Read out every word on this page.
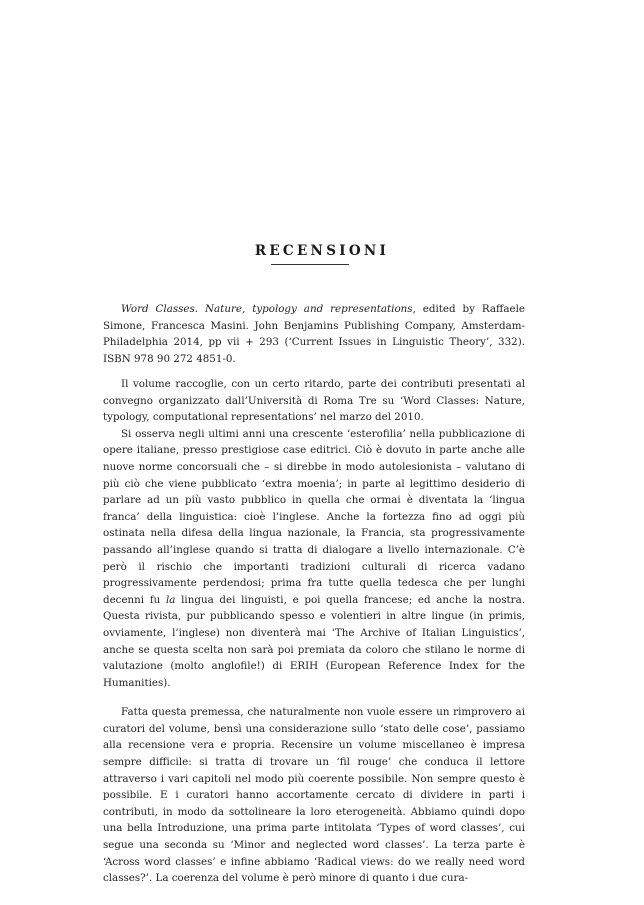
RECENSIONI

Word Classes. Nature, typology and representations, edited by Raffaele Simone, Francesca Masini. John Benjamins Publishing Company, Amsterdam-Philadelphia 2014, pp vii + 293 (‘Current Issues in Linguistic Theory’, 332). ISBN 978 90 272 4851-0.

Il volume raccoglie, con un certo ritardo, parte dei contributi presentati al convegno organizzato dall’Università di Roma Tre su ‘Word Classes: Nature, typology, computational representations’ nel marzo del 2010.

Si osserva negli ultimi anni una crescente ‘esterofilia’ nella pubblicazione di opere italiane, presso prestigiose case editrici. Ciò è dovuto in parte anche alle nuove norme concorsuali che – si direbbe in modo autolesionista – valutano di più ciò che viene pubblicato ‘extra moenia’; in parte al legittimo desiderio di parlare ad un più vasto pubblico in quella che ormai è diventata la ‘lingua franca’ della linguistica: cioè l’inglese. Anche la fortezza fino ad oggi più ostinata nella difesa della lingua nazionale, la Francia, sta progressivamente passando all’inglese quando si tratta di dialogare a livello internazionale. C’è però il rischio che importanti tradizioni culturali di ricerca vadano progressivamente perdendosi; prima fra tutte quella tedesca che per lunghi decenni fu la lingua dei linguisti, e poi quella francese; ed anche la nostra. Questa rivista, pur pubblicando spesso e volentieri in altre lingue (in primis, ovviamente, l’inglese) non diventerà mai ‘The Archive of Italian Linguistics’, anche se questa scelta non sarà poi premiata da coloro che stilano le norme di valutazione (molto anglofile!) di ERIH (European Reference Index for the Humanities).

Fatta questa premessa, che naturalmente non vuole essere un rimprovero ai curatori del volume, bensì una considerazione sullo ‘stato delle cose’, passiamo alla recensione vera e propria. Recensire un volume miscellaneo è impresa sempre difficile: si tratta di trovare un ‘fil rouge’ che conduca il lettore attraverso i vari capitoli nel modo più coerente possibile. Non sempre questo è possibile. E i curatori hanno accortamente cercato di dividere in parti i contributi, in modo da sottolineare la loro eterogeneità. Abbiamo quindi dopo una bella Introduzione, una prima parte intitolata ‘Types of word classes’, cui segue una seconda su ‘Minor and neglected word classes’. La terza parte è ‘Across word classes’ e infine abbiamo ‘Radical views: do we really need word classes?’. La coerenza del volume è però minore di quanto i due cura-
